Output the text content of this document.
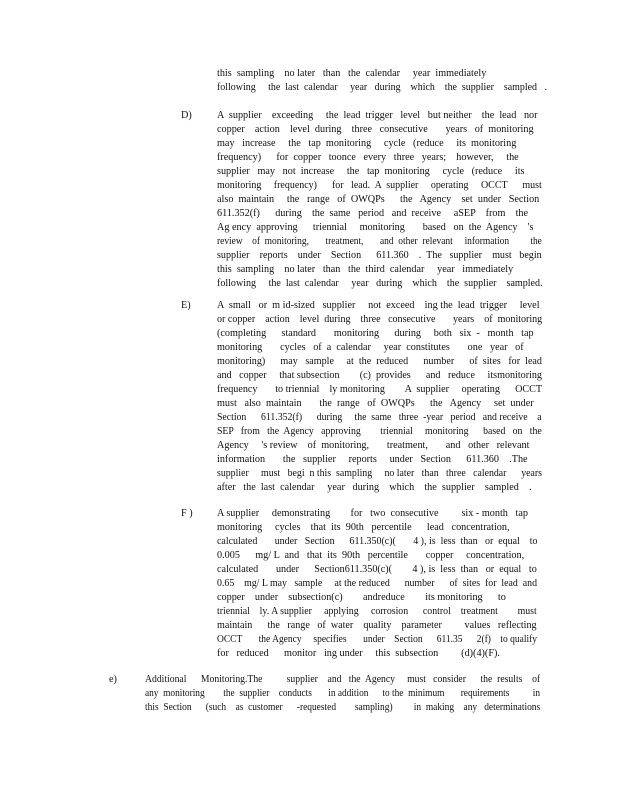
this  sampling    no later   than   the  calendar     year  immediately
following     the  last  calendar     year   during    which    the  supplier    sampled   .
D) A  supplier    exceeding     the  lead  trigger   level   but neither    the  lead   nor
copper    action    level  during    three   consecutive       years   of  monitoring
may   increase     the   tap  monitoring     cycle   (reduce     its  monitoring
frequency)      for  copper   toonce   every   three   years;    however,     the
supplier   may   not  increase     the   tap  monitoring     cycle   (reduce     its
monitoring     frequency)      for   lead.  A  supplier     operating     OCCT      must
also  maintain     the   range   of  OWQPs      the   Agency    set  under   Section
611.352(f)      during    the  same   period   and  receive     aSEP    from    the
Ag ency  approving      triennial     monitoring       based   on  the  Agency    's
review    of  monitoring,       treatment,       and  other  relevant     information         the
supplier    reports    under    Section      611.360    .  The   supplier    must   begin
this  sampling    no later   than   the  third  calendar     year   immediately
following     the  last  calendar     year   during    which    the  supplier    sampled.
E)	A  small   or  m id-sized   supplier     not  exceed    ing the  lead  trigger     level
or copper    action    level  during    three   consecutive       years    of  monitoring
(completing      standard       monitoring      during     both   six  -   month   tap
monitoring       cycles   of  a  calendar     year  constitutes       one   year   of
monitoring)      may   sample     at  the  reduced      number      of  sites   for  lead
and   copper     that subsection        (c)  provides      and   reduce     itsmonitoring
frequency       to triennial    ly monitoring        A  supplier     operating      OCCT
must   also  maintain       the  range   of  OWQPs      the   Agency     set  under
Section      611.352(f)      during     the  same   three  -year   period   and receive    a
SEP   from   the  Agency   approving        triennial     monitoring      based   on   the
Agency     's review    of  monitoring,       treatment,       and   other   relevant
information       the   supplier     reports     under   Section      611.360    .The
supplier     must   begi  n this  sampling     no later   than   three   calendar      years
after   the  last  calendar     year   during    which    the  supplier    sampled    .
F ) A supplier     demonstrating        for   two  consecutive         six - month   tap
monitoring     cycles    that  its  90th   percentile      lead   concentration,
calculated       under   Section      611.350(c)(       4 ), is  less  than   or  equal    to
0.005      mg/ L  and   that  its  90th   percentile       copper     concentration,
calculated       under      Section611.350(c)(        4 ), is  less  than   or  equal   to
0.65    mg/ L may   sample     at the reduced      number      of  sites  for  lead  and
copper    under    subsection(c)        andreduce        its monitoring      to
triennial    ly. A supplier     applying     corrosion      control    treatment        must
maintain      the   range   of  water    quality    parameter         values   reflecting
OCCT       the Agency     specifies       under    Section      611.35      2(f)    to qualify
for   reduced      monitor   ing under     this  subsection         (d)(4)(F).
e)	Additional      Monitoring.The          supplier    and   the  Agency     must   consider      the  results    of
any  monitoring        the  supplier    conducts       in addition      to the  minimum       requirements          in
this  Section      (such    as  customer      -requested        sampling)         in  making    any   determinations
